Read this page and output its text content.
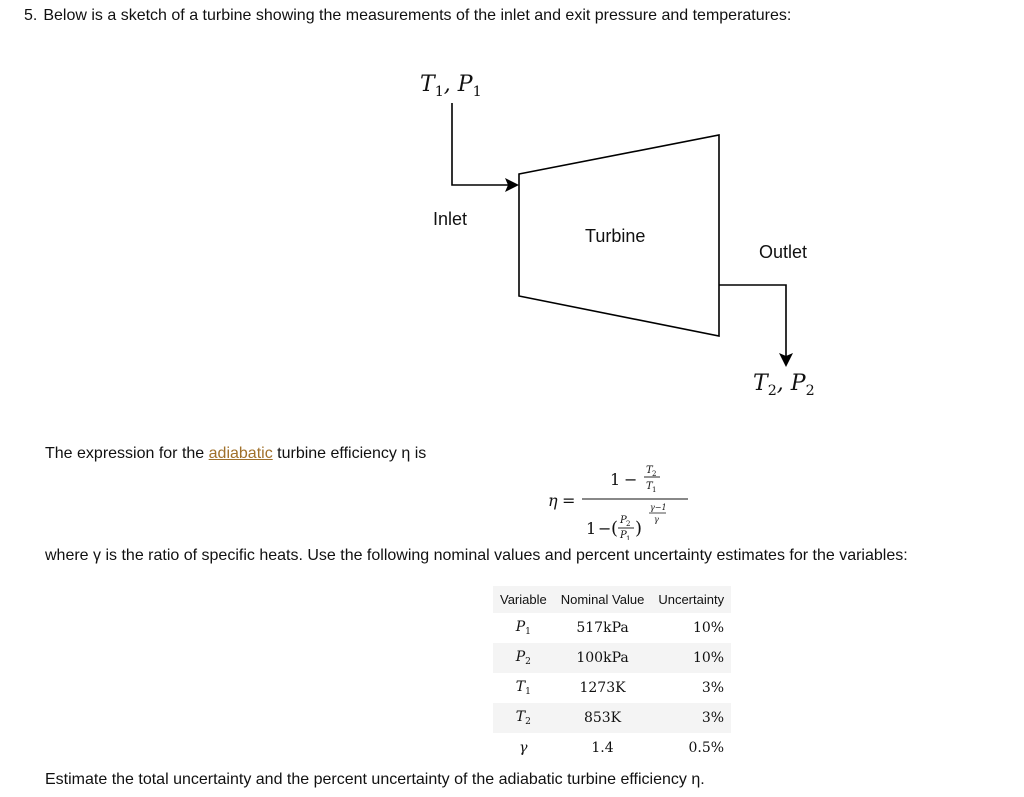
5. Below is a sketch of a turbine showing the measurements of the inlet and exit pressure and temperatures:
$T_1$, $P_1$
Inlet
Turbine
Outlet
$T_2$, $P_2$
The expression for the adiabatic turbine efficiency η is
η =
1 − T 2
T 1
1 − ( P 2
P 1 )
γ−1
γ
where γ is the ratio of specific heats. Use the following nominal values and percent uncertainty estimates for the variables:
Variable	Nominal Value	Uncertainty
$P_1$	517kPa	10%
$P_2$	100kPa	10%
$T_1$	1273K	3%
$T_2$	853K	3%
γ	1.4	0.5%
Estimate the total uncertainty and the percent uncertainty of the adiabatic turbine efficiency η.
